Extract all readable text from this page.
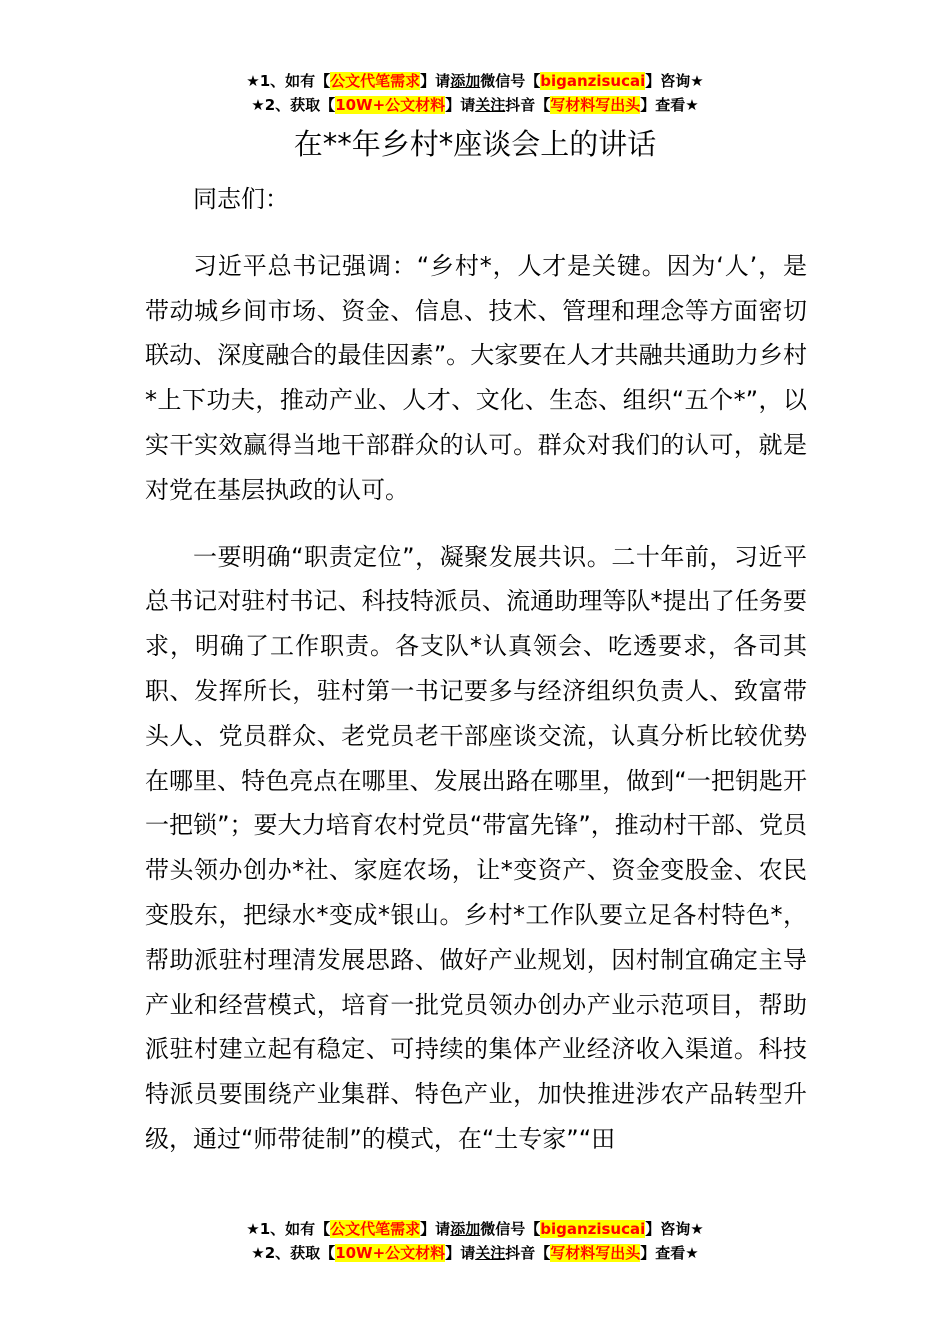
★1、如有【公文代笔需求】请添加微信号【biganzisucai】咨询★
★2、获取【10W+公文材料】请关注抖音【写材料写出头】查看★
在**年乡村*座谈会上的讲话

同志们：

习近平总书记强调：“乡村*，人才是关键。因为‘人’，是带动城乡间市场、资金、信息、技术、管理和理念等方面密切联动、深度融合的最佳因素”。大家要在人才共融共通助力乡村*上下功夫，推动产业、人才、文化、生态、组织“五个*”，以实干实效赢得当地干部群众的认可。群众对我们的认可，就是对党在基层执政的认可。

一要明确“职责定位”，凝聚发展共识。二十年前，习近平总书记对驻村书记、科技特派员、流通助理等队*提出了任务要求，明确了工作职责。各支队*认真领会、吃透要求，各司其职、发挥所长，驻村第一书记要多与经济组织负责人、致富带头人、党员群众、老党员老干部座谈交流，认真分析比较优势在哪里、特色亮点在哪里、发展出路在哪里，做到“一把钥匙开一把锁”；要大力培育农村党员“带富先锋”，推动村干部、党员带头领办创办*社、家庭农场，让*变资产、资金变股金、农民变股东，把绿水*变成*银山。乡村*工作队要立足各村特色*，帮助派驻村理清发展思路、做好产业规划，因村制宜确定主导产业和经营模式，培育一批党员领办创办产业示范项目，帮助派驻村建立起有稳定、可持续的集体产业经济收入渠道。科技特派员要围绕产业集群、特色产业，加快推进涉农产品转型升级，通过“师带徒制”的模式，在“土专家”“田

★1、如有【公文代笔需求】请添加微信号【biganzisucai】咨询★
★2、获取【10W+公文材料】请关注抖音【写材料写出头】查看★
